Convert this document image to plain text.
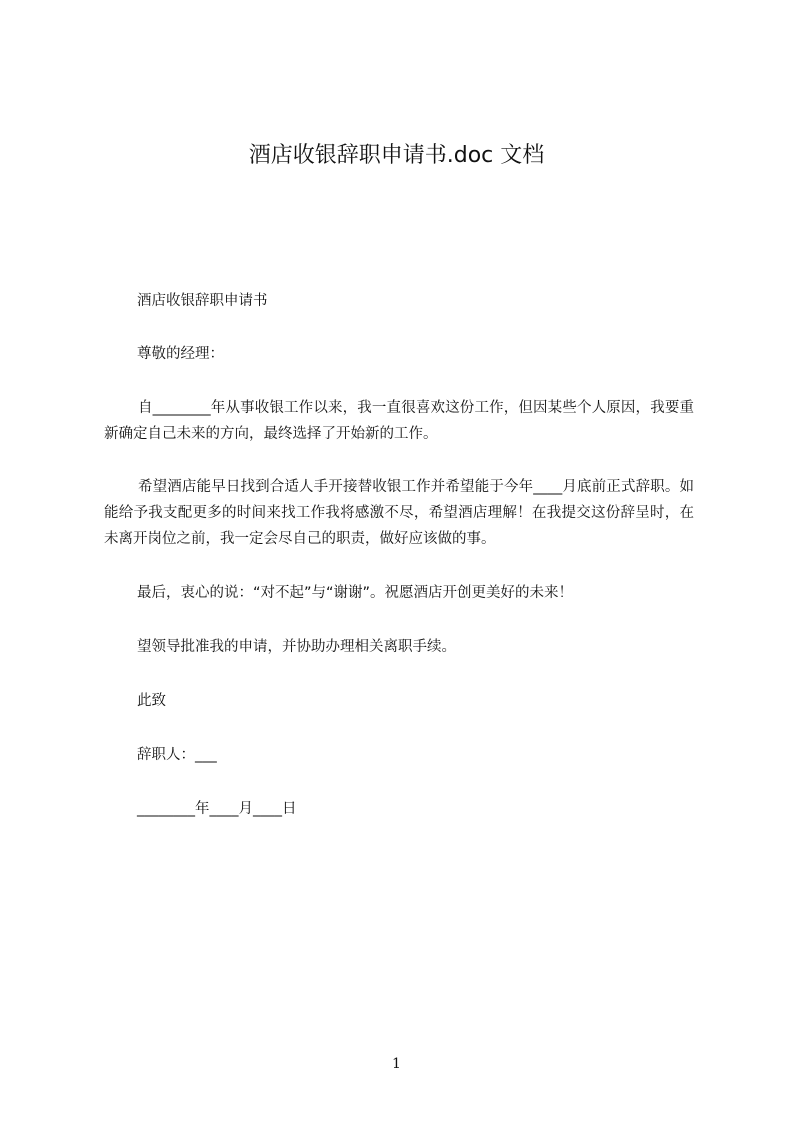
酒店收银辞职申请书.doc 文档
酒店收银辞职申请书
尊敬的经理：
自________年从事收银工作以来，我一直很喜欢这份工作，但因某些个人原因，我要重新确定自己未来的方向，最终选择了开始新的工作。
希望酒店能早日找到合适人手开接替收银工作并希望能于今年____月底前正式辞职。如能给予我支配更多的时间来找工作我将感激不尽，希望酒店理解！在我提交这份辞呈时，在未离开岗位之前，我一定会尽自己的职责，做好应该做的事。
最后，衷心的说：“对不起”与“谢谢”。祝愿酒店开创更美好的未来！
望领导批准我的申请，并协助办理相关离职手续。
此致
辞职人：___
________年____月____日
1
